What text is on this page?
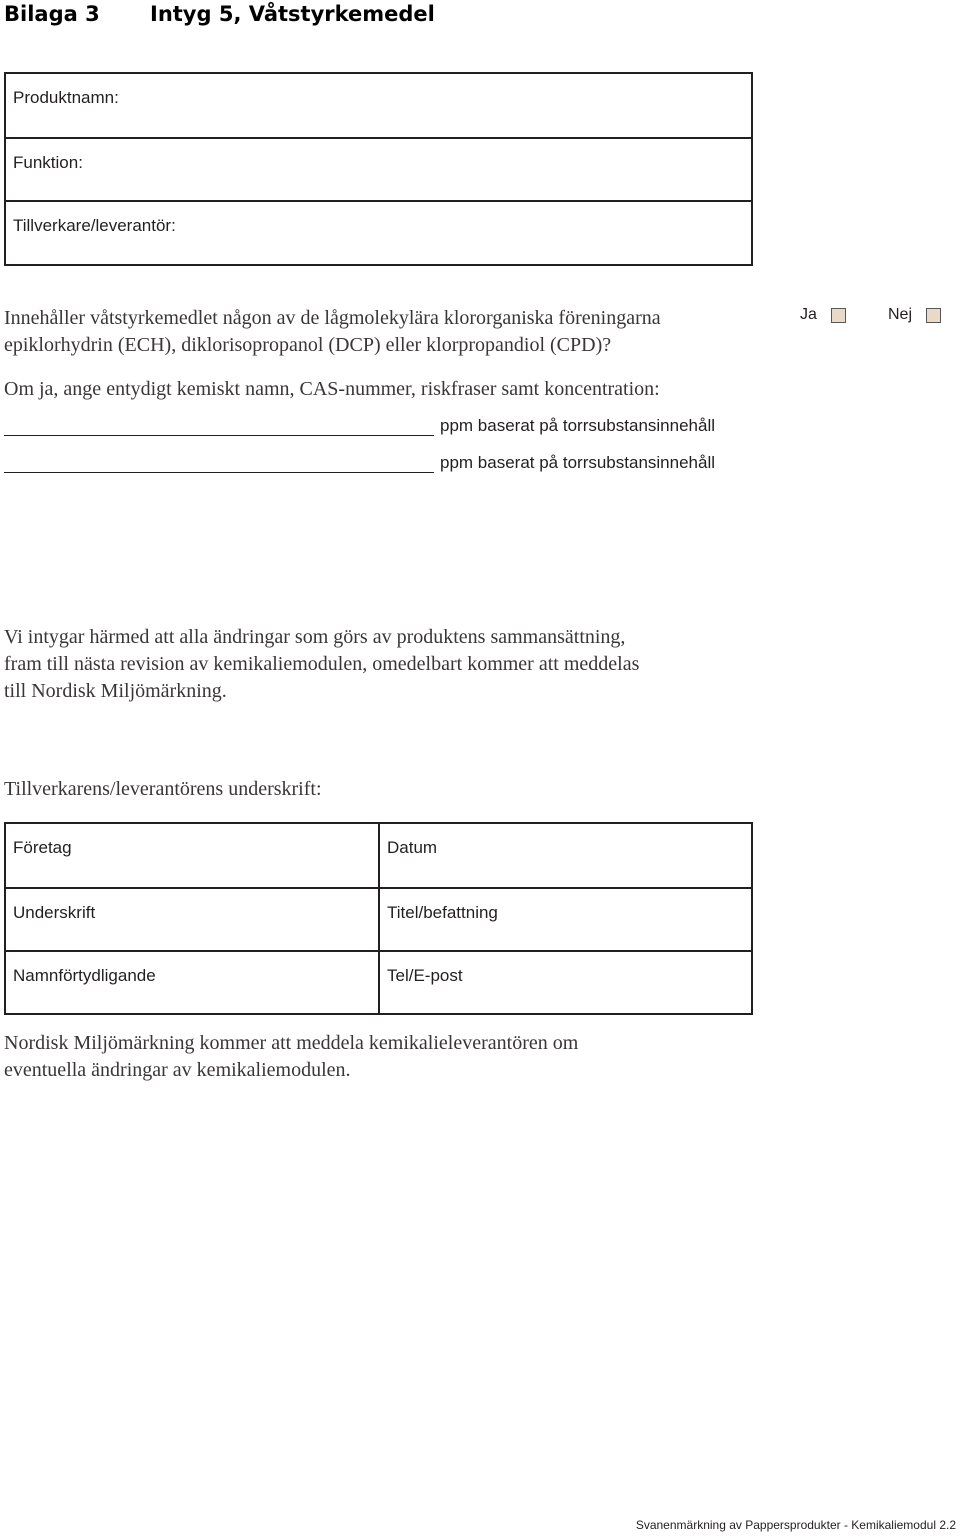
Bilaga 3 Intyg 5, Våtstyrkemedel
Produktnamn:
Funktion:
Tillverkare/leverantör:
Innehåller våtstyrkemedlet någon av de lågmolekylära klororganiska föreningarna
epiklorhydrin (ECH), diklorisopropanol (DCP) eller klorpropandiol (CPD)?
Ja	Nej
Om ja, ange entydigt kemiskt namn, CAS-nummer, riskfraser samt koncentration:
ppm baserat på torrsubstansinnehåll
ppm baserat på torrsubstansinnehåll
Vi intygar härmed att alla ändringar som görs av produktens sammansättning,
fram till nästa revision av kemikaliemodulen, omedelbart kommer att meddelas
till Nordisk Miljömärkning.
Tillverkarens/leverantörens underskrift:
Företag	Datum
Underskrift	Titel/befattning
Namnförtydligande	Tel/E-post
Nordisk Miljömärkning kommer att meddela kemikalieleverantören om
eventuella ändringar av kemikaliemodulen.
Svanenmärkning av Pappersprodukter - Kemikaliemodul 2.2
